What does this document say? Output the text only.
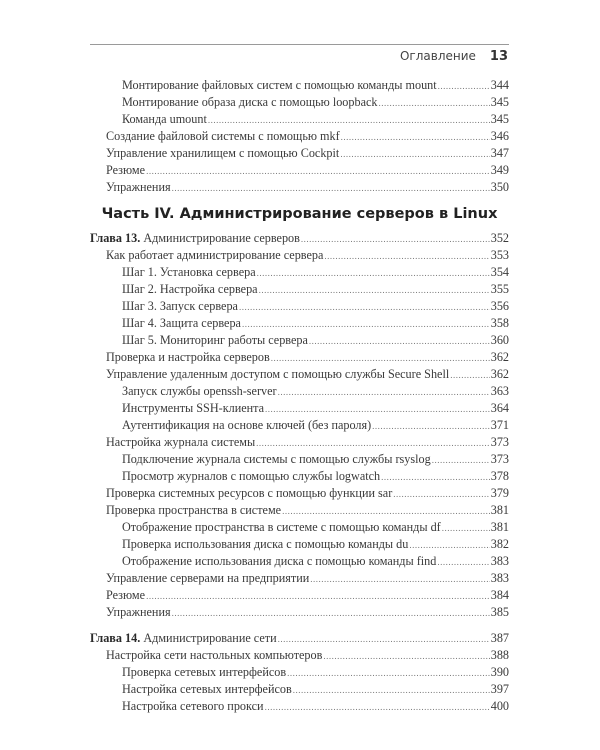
Оглавление 13
Монтирование файловых систем с помощью команды mount .....	344
Монтирование образа диска с помощью loopback .....	345
Команда umount .....	345
Создание файловой системы с помощью mkf .....	346
Управление хранилищем с помощью Cockpit .....	347
Резюме .....	349
Упражнения .....	350
Часть IV. Администрирование серверов в Linux
Глава 13. Администрирование серверов .....	352
Как работает администрирование сервера .....	353
Шаг 1. Установка сервера .....	354
Шаг 2. Настройка сервера .....	355
Шаг 3. Запуск сервера .....	356
Шаг 4. Защита сервера .....	358
Шаг 5. Мониторинг работы сервера .....	360
Проверка и настройка серверов .....	362
Управление удаленным доступом с помощью службы Secure Shell .....	362
Запуск службы openssh-server .....	363
Инструменты SSH-клиента .....	364
Аутентификация на основе ключей (без пароля) .....	371
Настройка журнала системы .....	373
Подключение журнала системы с помощью службы rsyslog .....	373
Просмотр журналов с помощью службы logwatch .....	378
Проверка системных ресурсов с помощью функции sar .....	379
Проверка пространства в системе .....	381
Отображение пространства в системе с помощью команды df .....	381
Проверка использования диска с помощью команды du .....	382
Отображение использования диска с помощью команды find .....	383
Управление серверами на предприятии .....	383
Резюме .....	384
Упражнения .....	385
Глава 14. Администрирование сети .....	387
Настройка сети настольных компьютеров .....	388
Проверка сетевых интерфейсов .....	390
Настройка сетевых интерфейсов .....	397
Настройка сетевого прокси .....	400
